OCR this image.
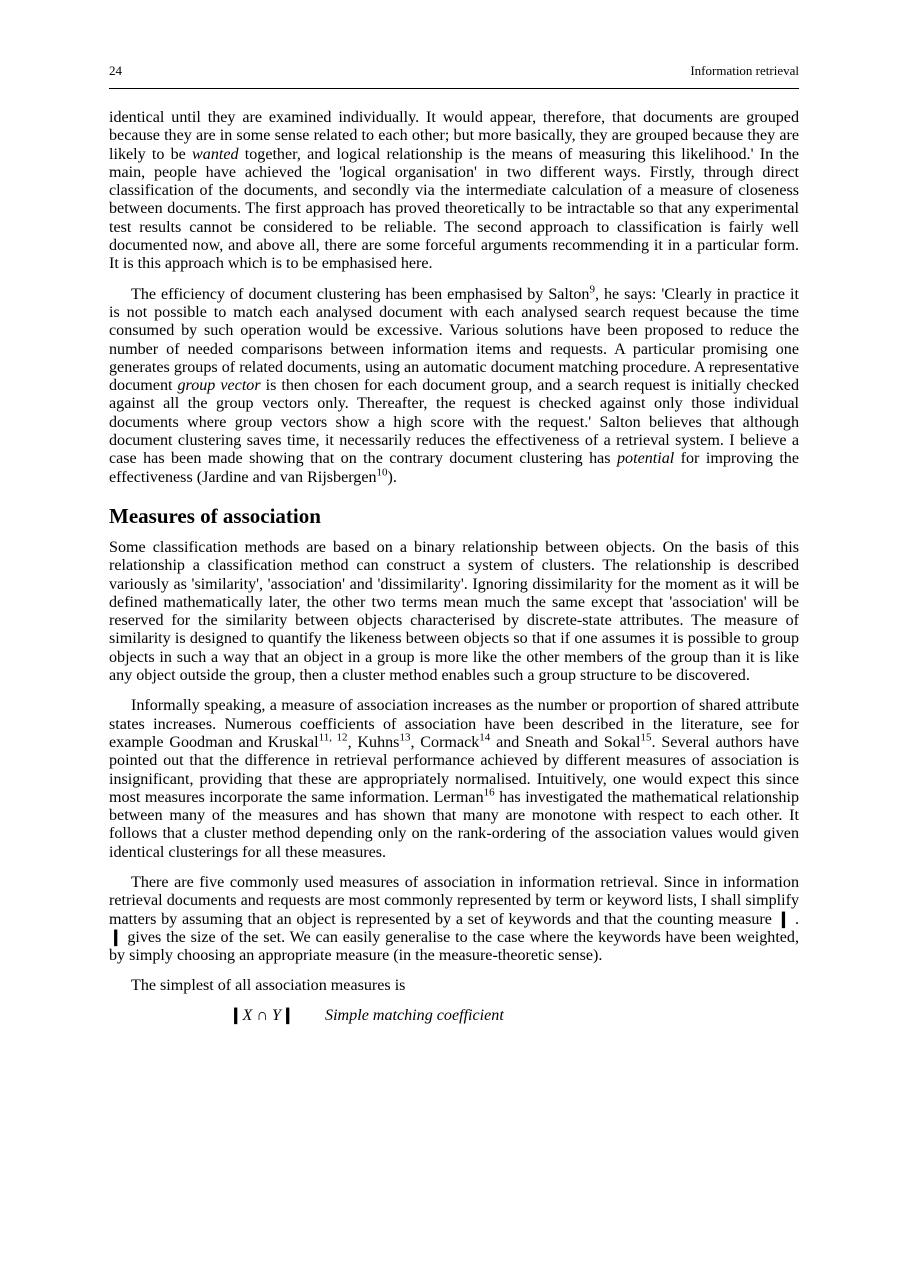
24	Information retrieval

identical until they are examined individually. It would appear, therefore, that documents are grouped because they are in some sense related to each other; but more basically, they are grouped because they are likely to be wanted together, and logical relationship is the means of measuring this likelihood.' In the main, people have achieved the 'logical organisation' in two different ways. Firstly, through direct classification of the documents, and secondly via the intermediate calculation of a measure of closeness between documents. The first approach has proved theoretically to be intractable so that any experimental test results cannot be considered to be reliable. The second approach to classification is fairly well documented now, and above all, there are some forceful arguments recommending it in a particular form. It is this approach which is to be emphasised here.

The efficiency of document clustering has been emphasised by Salton$^9$, he says: 'Clearly in practice it is not possible to match each analysed document with each analysed search request because the time consumed by such operation would be excessive. Various solutions have been proposed to reduce the number of needed comparisons between information items and requests. A particular promising one generates groups of related documents, using an automatic document matching procedure. A representative document group vector is then chosen for each document group, and a search request is initially checked against all the group vectors only. Thereafter, the request is checked against only those individual documents where group vectors show a high score with the request.' Salton believes that although document clustering saves time, it necessarily reduces the effectiveness of a retrieval system. I believe a case has been made showing that on the contrary document clustering has potential for improving the effectiveness (Jardine and van Rijsbergen$^{10}$).

Measures of association

Some classification methods are based on a binary relationship between objects. On the basis of this relationship a classification method can construct a system of clusters. The relationship is described variously as 'similarity', 'association' and 'dissimilarity'. Ignoring dissimilarity for the moment as it will be defined mathematically later, the other two terms mean much the same except that 'association' will be reserved for the similarity between objects characterised by discrete-state attributes. The measure of similarity is designed to quantify the likeness between objects so that if one assumes it is possible to group objects in such a way that an object in a group is more like the other members of the group than it is like any object outside the group, then a cluster method enables such a group structure to be discovered.

Informally speaking, a measure of association increases as the number or proportion of shared attribute states increases. Numerous coefficients of association have been described in the literature, see for example Goodman and Kruskal$^{11, 12}$, Kuhns$^{13}$, Cormack$^{14}$ and Sneath and Sokal$^{15}$. Several authors have pointed out that the difference in retrieval performance achieved by different measures of association is insignificant, providing that these are appropriately normalised. Intuitively, one would expect this since most measures incorporate the same information. Lerman$^{16}$ has investigated the mathematical relationship between many of the measures and has shown that many are monotone with respect to each other. It follows that a cluster method depending only on the rank-ordering of the association values would given identical clusterings for all these measures.

There are five commonly used measures of association in information retrieval. Since in information retrieval documents and requests are most commonly represented by term or keyword lists, I shall simplify matters by assuming that an object is represented by a set of keywords and that the counting measure ❙ . ❙ gives the size of the set. We can easily generalise to the case where the keywords have been weighted, by simply choosing an appropriate measure (in the measure-theoretic sense).

The simplest of all association measures is

❙X ∩ Y❙ Simple matching coefficient
